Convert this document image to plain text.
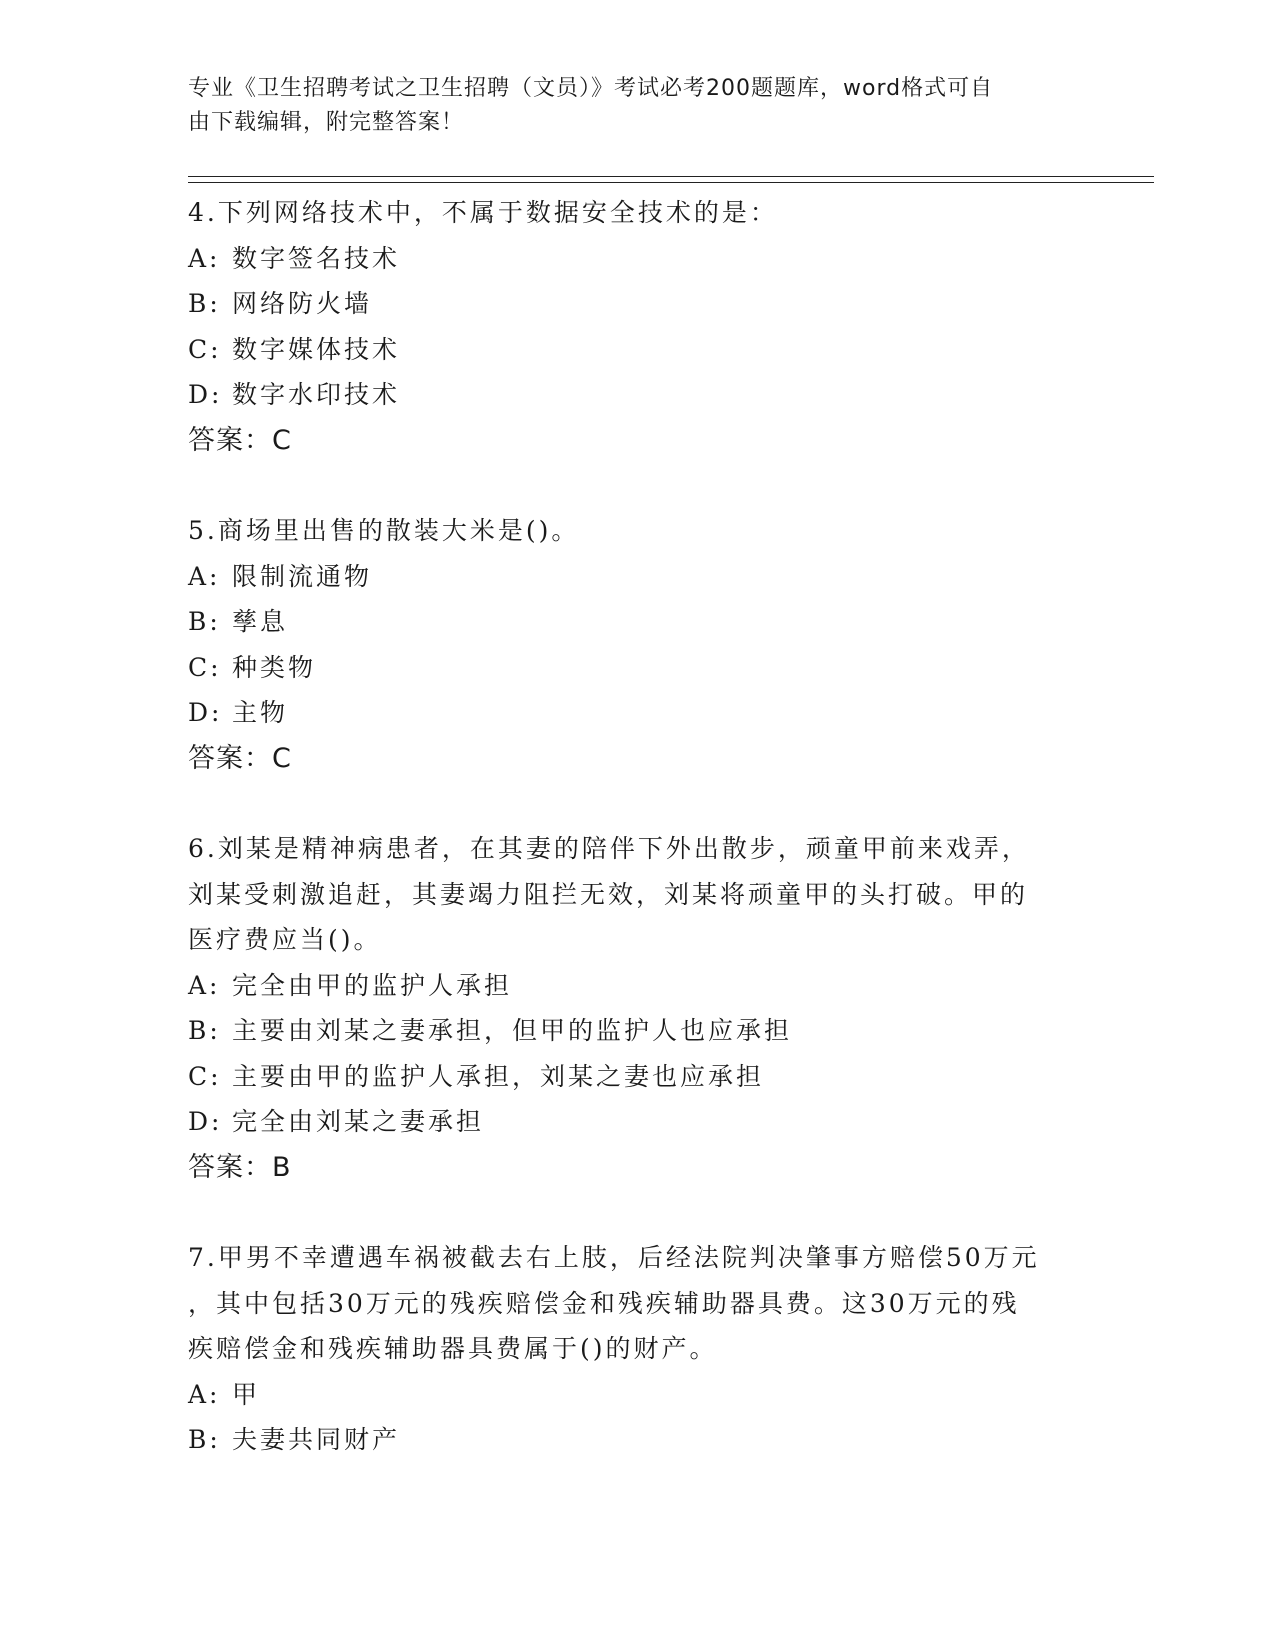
专业《卫生招聘考试之卫生招聘（文员）》考试必考200题题库，word格式可自
由下载编辑，附完整答案！

4.下列网络技术中，不属于数据安全技术的是：

A: 数字签名技术

B: 网络防火墙

C: 数字媒体技术

D: 数字水印技术

答案：C

5.商场里出售的散装大米是()。

A: 限制流通物

B: 孳息

C: 种类物

D: 主物

答案：C

6.刘某是精神病患者，在其妻的陪伴下外出散步，顽童甲前来戏弄，

刘某受刺激追赶，其妻竭力阻拦无效，刘某将顽童甲的头打破。甲的

医疗费应当()。

A: 完全由甲的监护人承担

B: 主要由刘某之妻承担，但甲的监护人也应承担

C: 主要由甲的监护人承担，刘某之妻也应承担

D: 完全由刘某之妻承担

答案：B

7.甲男不幸遭遇车祸被截去右上肢，后经法院判决肇事方赔偿50万元

，其中包括30万元的残疾赔偿金和残疾辅助器具费。这30万元的残

疾赔偿金和残疾辅助器具费属于()的财产。

A: 甲

B: 夫妻共同财产
